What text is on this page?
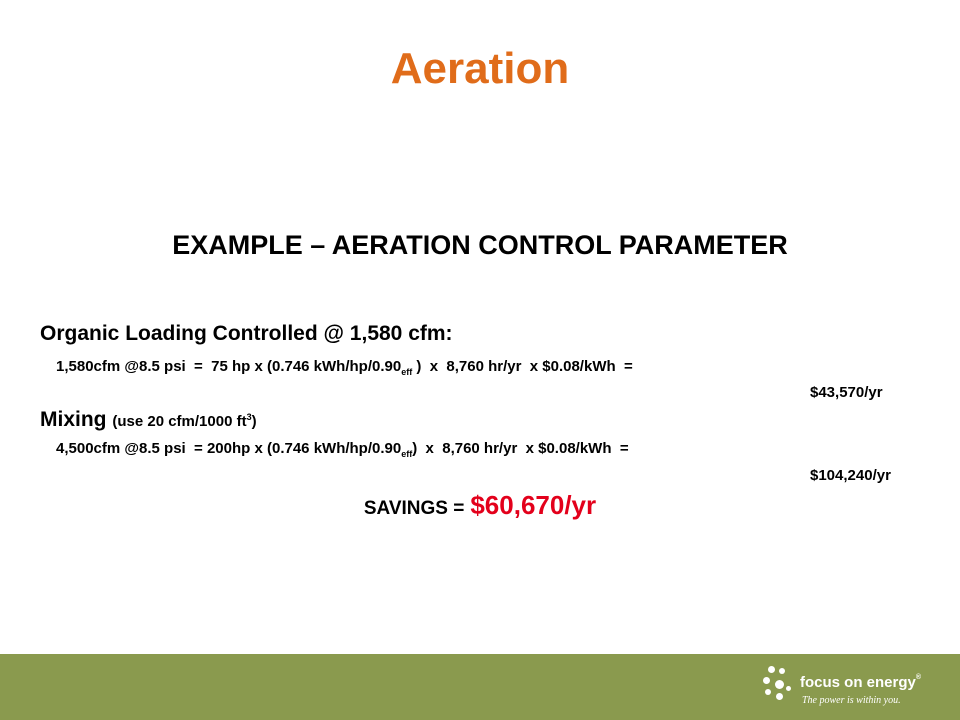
Aeration
EXAMPLE – AERATION CONTROL PARAMETER
Organic Loading Controlled @ 1,580 cfm:
1,580cfm @8.5 psi  =  75 hp x (0.746 kWh/$hp/0.90_{eff}$ )  x  8,760 hr/yr  x $0.08/kWh  =
$43,570/yr
Mixing (use 20 cfm/1000 $ft^3$)
4,500cfm @8.5 psi  = 200hp x (0.746 kWh/$hp/0.90_{eff}$)  x  8,760 hr/yr  x $0.08/kWh  =
$104,240/yr
SAVINGS = $60,670/yr
focus on energy®
The power is within you.
